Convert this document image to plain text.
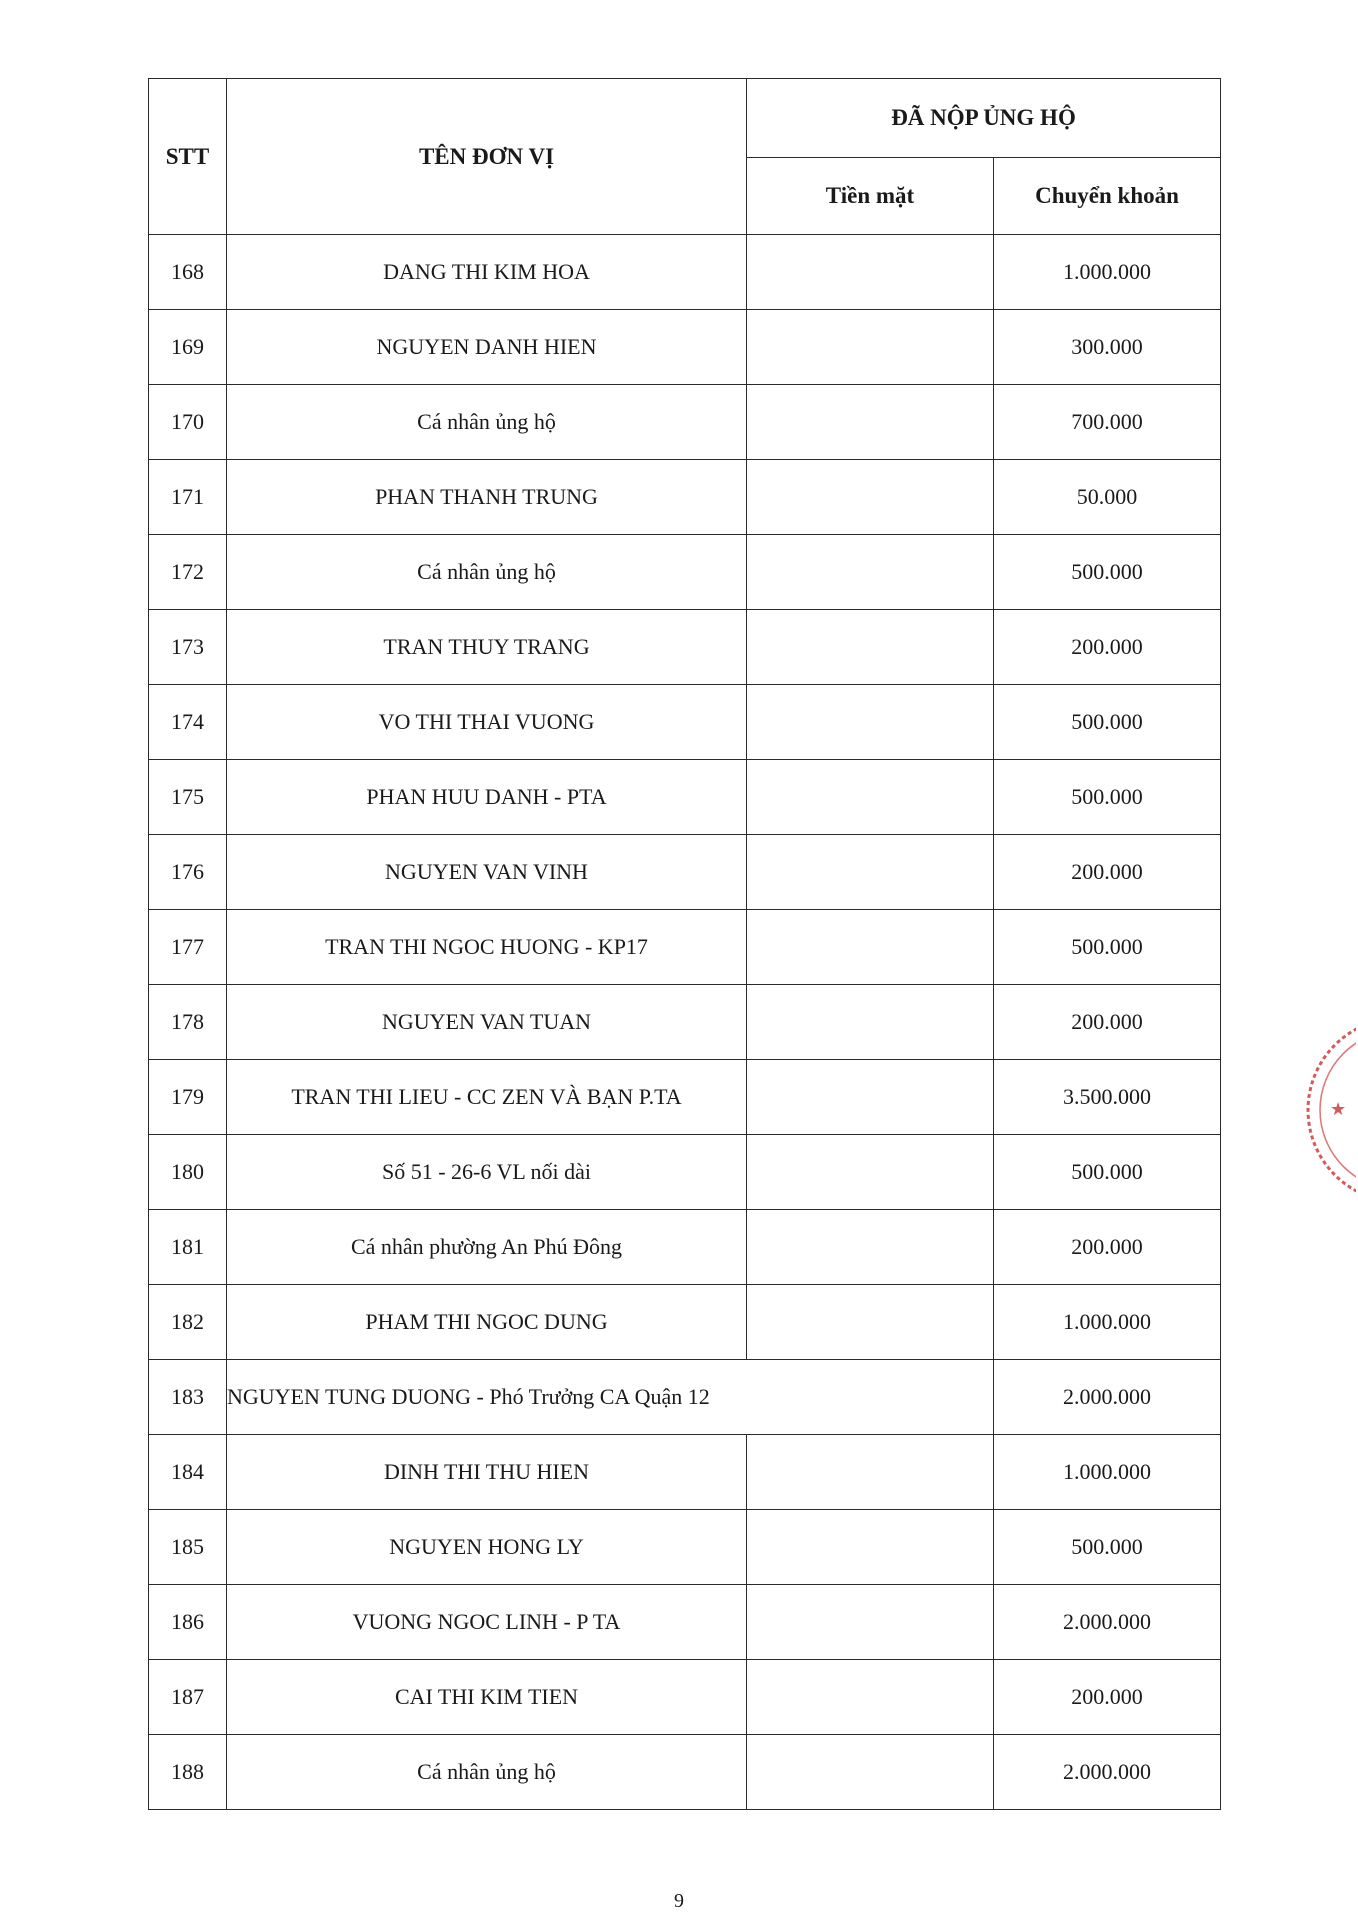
STT	TÊN ĐƠN VỊ	ĐÃ NỘP ỦNG HỘ	
		Tiền mặt	Chuyển khoản
168	DANG THI KIM HOA		1.000.000
169	NGUYEN DANH HIEN		300.000
170	Cá nhân ủng hộ		700.000
171	PHAN THANH TRUNG		50.000
172	Cá nhân ủng hộ		500.000
173	TRAN THUY TRANG		200.000
174	VO THI THAI VUONG		500.000
175	PHAN HUU DANH - PTA		500.000
176	NGUYEN VAN VINH		200.000
177	TRAN THI NGOC HUONG - KP17		500.000
178	NGUYEN VAN TUAN		200.000
179	TRAN THI LIEU - CC ZEN VÀ BẠN P.TA		3.500.000
180	Số 51 - 26-6 VL nối dài		500.000
181	Cá nhân phường An Phú Đông		200.000
182	PHAM THI NGOC DUNG		1.000.000
183	NGUYEN TUNG DUONG - Phó Trưởng CA Quận 12		2.000.000
184	DINH THI THU HIEN		1.000.000
185	NGUYEN HONG LY		500.000
186	VUONG NGOC LINH - P TA		2.000.000
187	CAI THI KIM TIEN		200.000
188	Cá nhân ủng hộ		2.000.000
★
9
